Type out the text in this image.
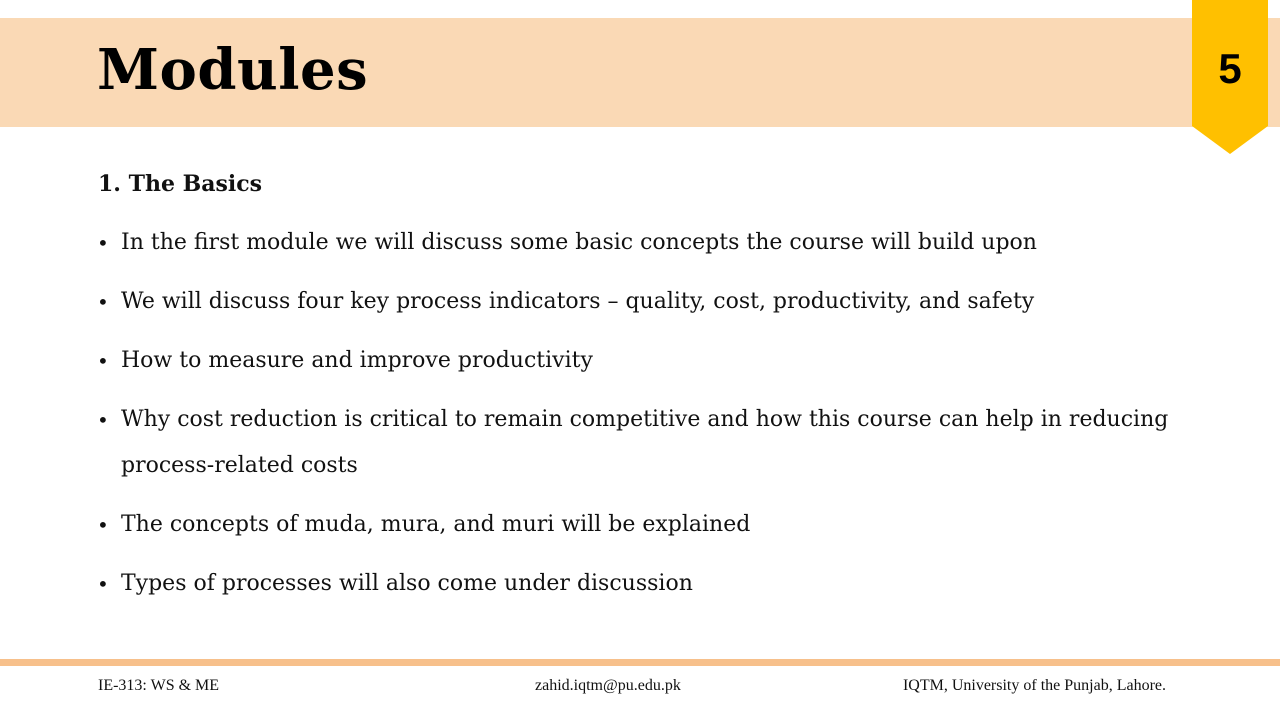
Modules	5
1. The Basics
• In the first module we will discuss some basic concepts the course will build upon
• We will discuss four key process indicators – quality, cost, productivity, and safety
• How to measure and improve productivity
• Why cost reduction is critical to remain competitive and how this course can help in reducing process-related costs
• The concepts of muda, mura, and muri will be explained
• Types of processes will also come under discussion
IE-313: WS & ME	zahid.iqtm@pu.edu.pk	IQTM, University of the Punjab, Lahore.
